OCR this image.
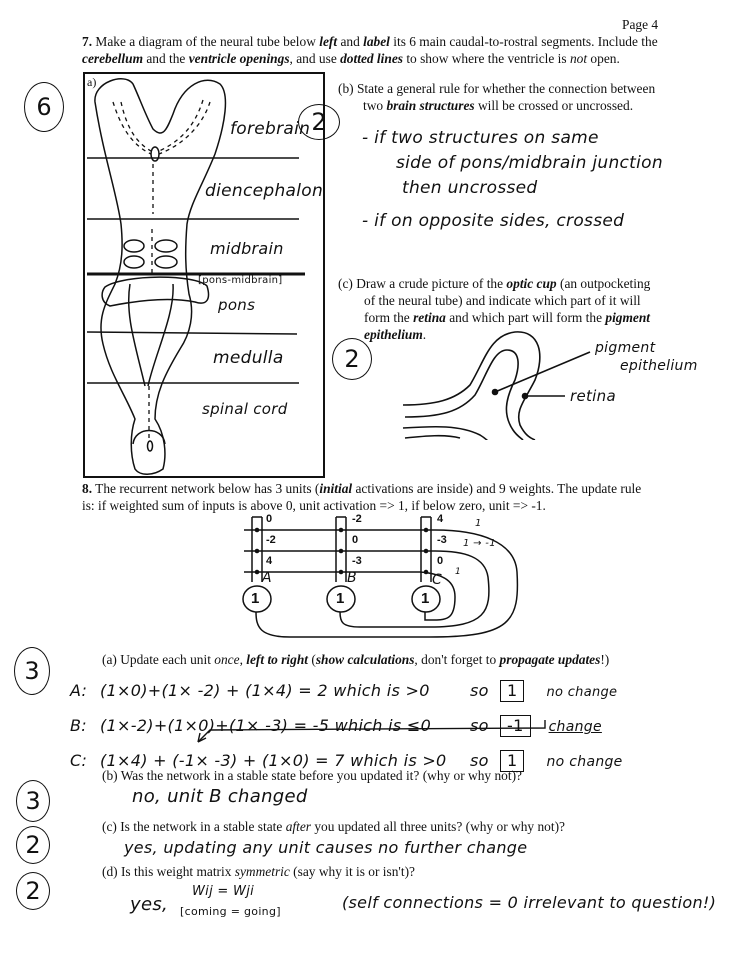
Page 4
7. Make a diagram of the neural tube below left and label its 6 main caudal-to-rostral segments. Include the cerebellum and the ventricle openings, and use dotted lines to show where the ventricle is not open.
6
a)
forebrain
diencephalon
midbrain
[pons-midbrain]
pons
medulla
spinal cord
(b) State a general rule for whether the connection between
two brain structures will be crossed or uncrossed.
2
- if two structures on same
side of pons/midbrain junction
then uncrossed
- if on opposite sides, crossed
(c) Draw a crude picture of the optic cup (an outpocketing
of the neural tube) and indicate which part of it will
form the retina and which part will form the pigment
epithelium.
2	pigment
epithelium
retina
8. The recurrent network below has 3 units (initial activations are inside) and 9 weights. The update rule
is: if weighted sum of inputs is above 0, unit activation => 1, if below zero, unit => -1.
0
-2
4
-2
0
-3
4
-3
0
1	1	1
A	B	C
1 → -1
1
1
3	(a) Update each unit once, left to right (show calculations, don't forget to propagate updates!)
A: (1×0)+(1× -2) + (1×4) = 2 which is >0	so 1 no change
B: (1×-2)+(1×0)+(1× -3) = -5 which is ≤0 so -1 change
C: (1×4) + (-1× -3) + (1×0) = 7 which is >0 so 1 no change
3
(b) Was the network in a stable state before you updated it? (why or why not)?
no, unit B changed
2
(c) Is the network in a stable state after you updated all three units? (why or why not)?
yes, updating any unit causes no further change
2
(d) Is this weight matrix symmetric (say why it is or isn't)?
yes,
Wij = Wji
[coming = going]	(self connections = 0 irrelevant to question!)
